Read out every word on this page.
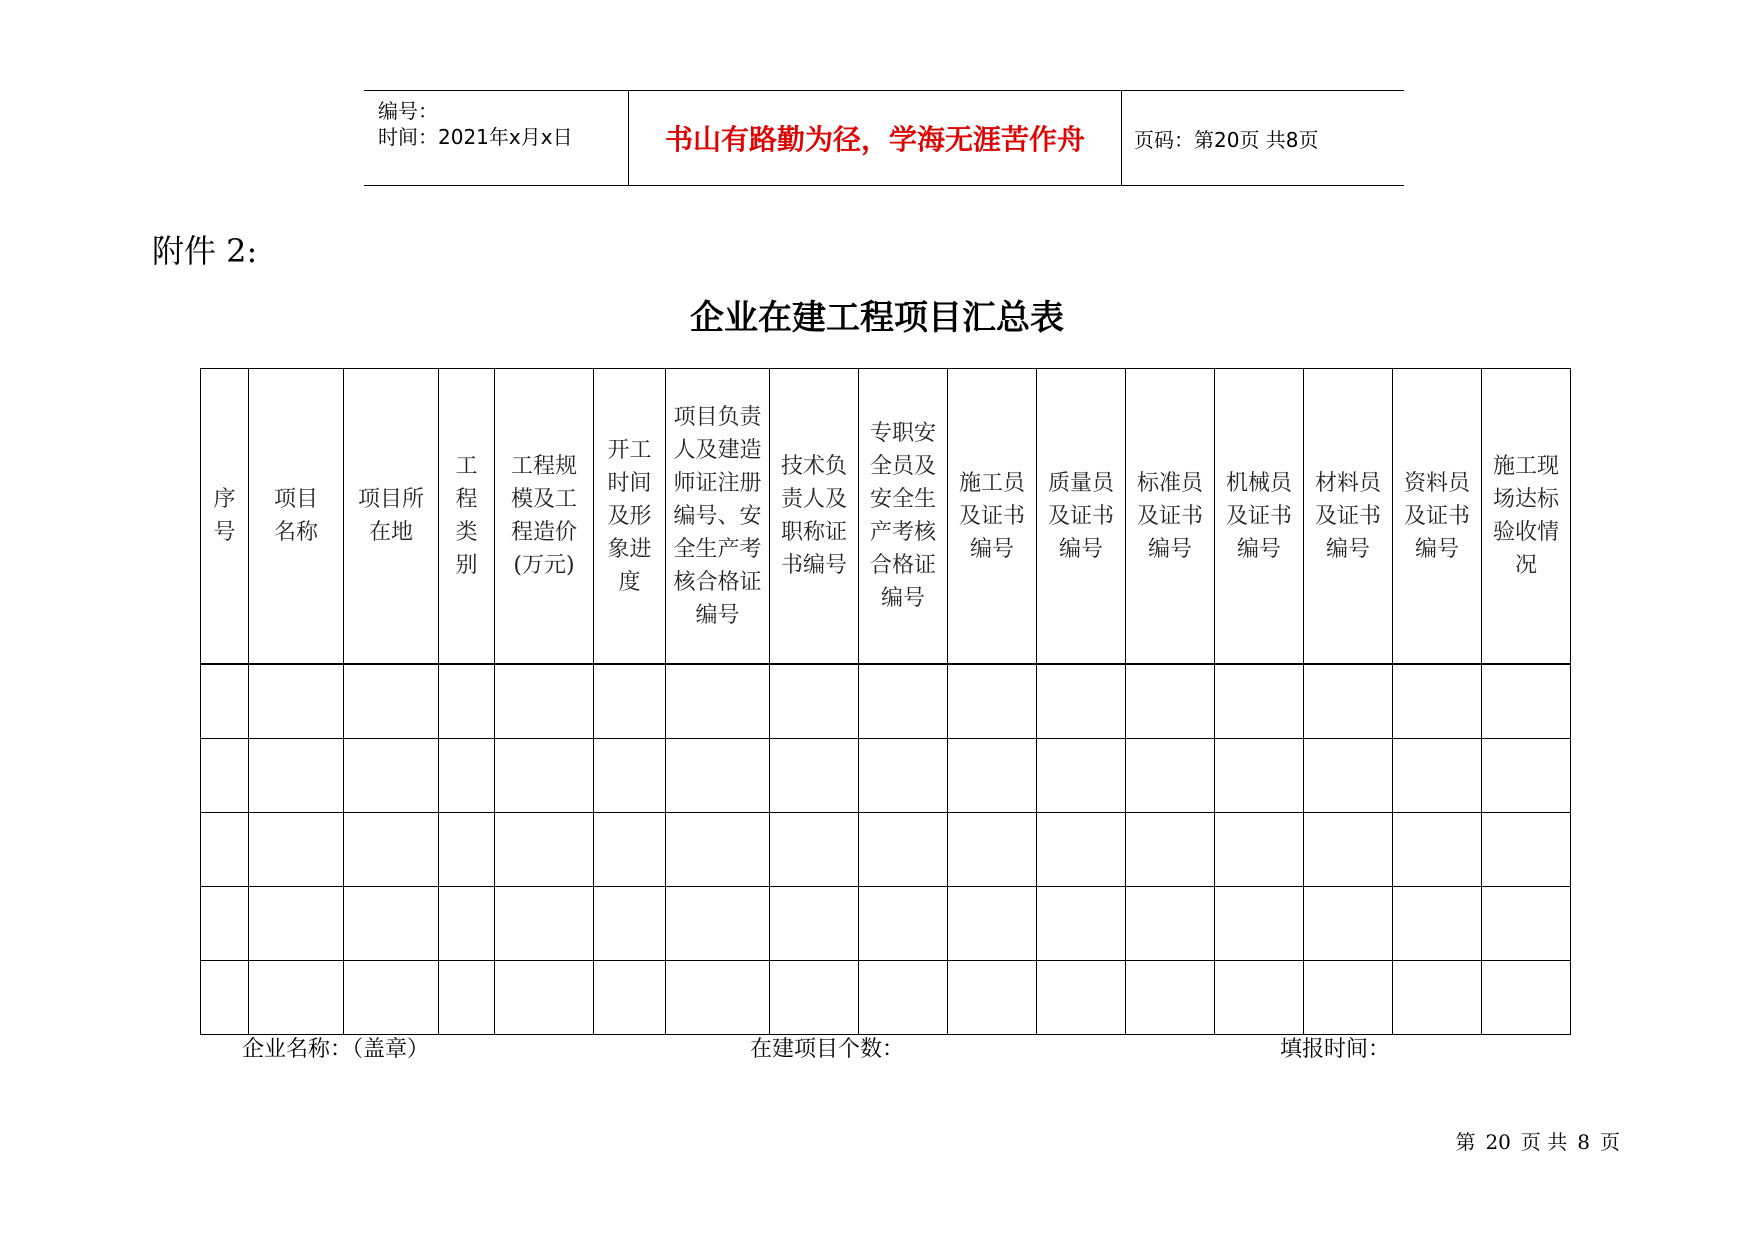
编号：
时间：2021年x月x日	书山有路勤为径，学海无涯苦作舟	页码：第20页 共8页
附件 2:
企业在建工程项目汇总表
序号	项目名称	项目所在地	工程类别	工程规模及工程造价(万元)	开工时间及形象进度	项目负责人及建造师证注册编号、安全生产考核合格证编号	技术负责人及职称证书编号	专职安全员及安全生产考核合格证编号	施工员及证书编号	质量员及证书编号	标准员及证书编号	机械员及证书编号	材料员及证书编号	资料员及证书编号	施工现场达标验收情况

企业名称：（盖章）	在建项目个数：	填报时间：
第 20 页 共 8 页
